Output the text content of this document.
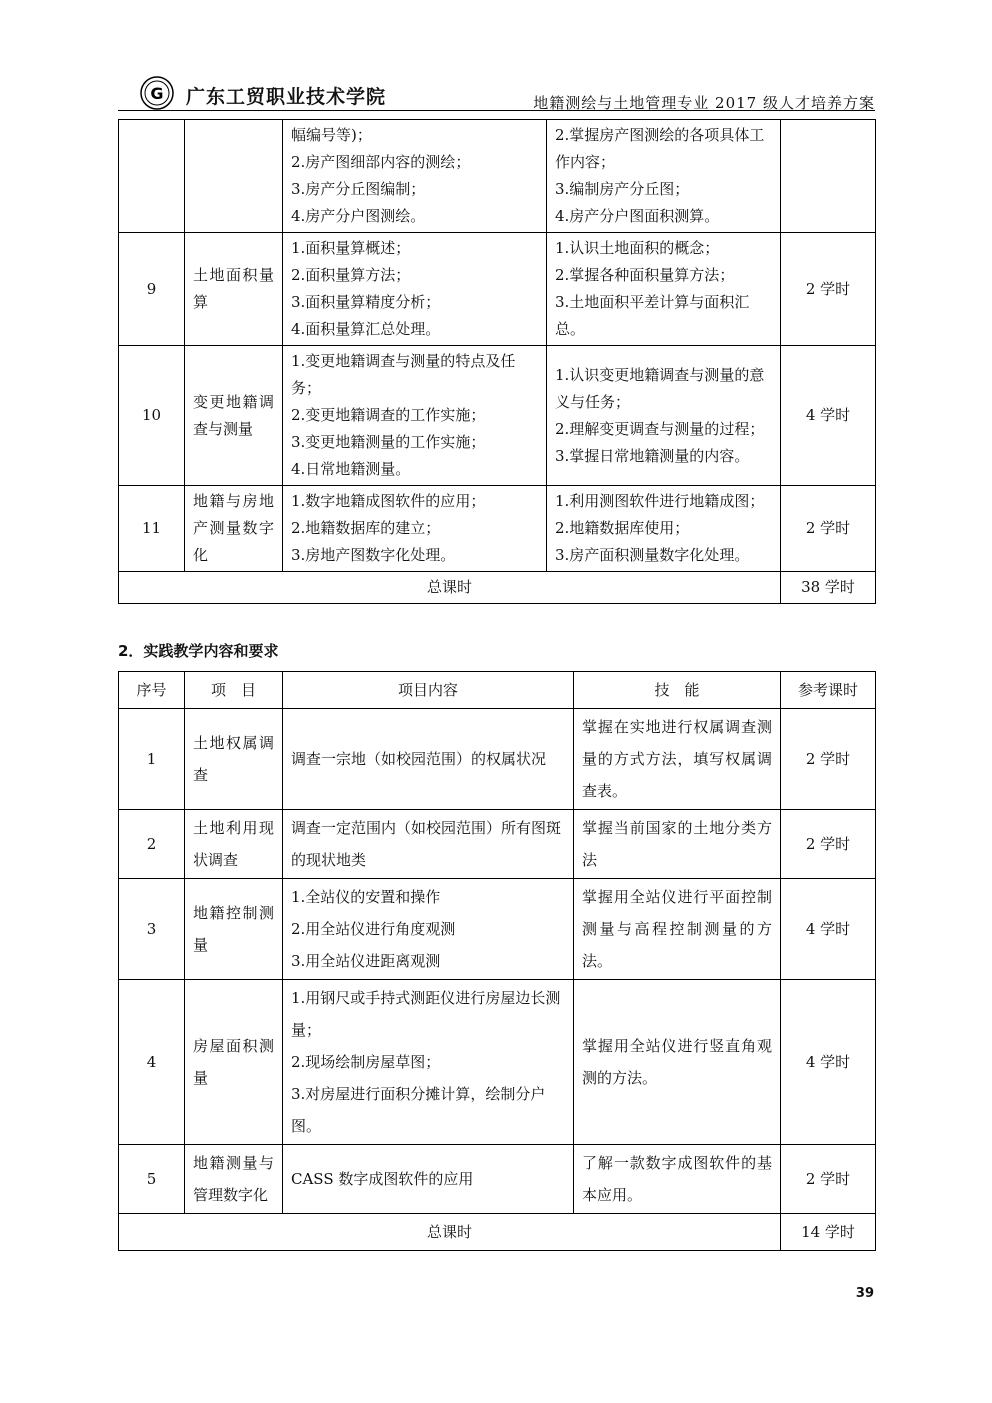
G 广东工贸职业技术学院	地籍测绘与土地管理专业 2017 级人才培养方案

		幅编号等)；
2.房产图细部内容的测绘；
3.房产分丘图编制；
4.房产分户图测绘。	2.掌握房产图测绘的各项具体工作内容；
3.编制房产分丘图；
4.房产分户图面积测算。	

9	土地面积量算	1.面积量算概述；
2.面积量算方法；
3.面积量算精度分析；
4.面积量算汇总处理。	1.认识土地面积的概念；
2.掌握各种面积量算方法；
3.土地面积平差计算与面积汇总。	2 学时
10	变更地籍调查与测量	1.变更地籍调查与测量的特点及任务；
2.变更地籍调查的工作实施；
3.变更地籍测量的工作实施；
4.日常地籍测量。	1.认识变更地籍调查与测量的意义与任务；
2.理解变更调查与测量的过程；
3.掌握日常地籍测量的内容。	4 学时
11	地籍与房地产测量数字化	1.数字地籍成图软件的应用；
2.地籍数据库的建立；
3.房地产图数字化处理。	1.利用测图软件进行地籍成图；
2.地籍数据库使用；
3.房产面积测量数字化处理。	2 学时
总课时				38 学时
2．实践教学内容和要求
序号	项　目	项目内容	技　能	参考课时
1	土地权属调查	调查一宗地（如校园范围）的权属状况	掌握在实地进行权属调查测量的方式方法，填写权属调查表。	2 学时
2	土地利用现状调查	调查一定范围内（如校园范围）所有图斑的现状地类	掌握当前国家的土地分类方法	2 学时
3	地籍控制测量	1.全站仪的安置和操作
2.用全站仪进行角度观测
3.用全站仪进距离观测	掌握用全站仪进行平面控制测量与高程控制测量的方法。	4 学时
4	房屋面积测量	1.用钢尺或手持式测距仪进行房屋边长测量；
2.现场绘制房屋草图；
3.对房屋进行面积分摊计算，绘制分户图。	掌握用全站仪进行竖直角观测的方法。	4 学时
5	地籍测量与管理数字化	CASS 数字成图软件的应用	了解一款数字成图软件的基本应用。	2 学时
总课时				14 学时
39
